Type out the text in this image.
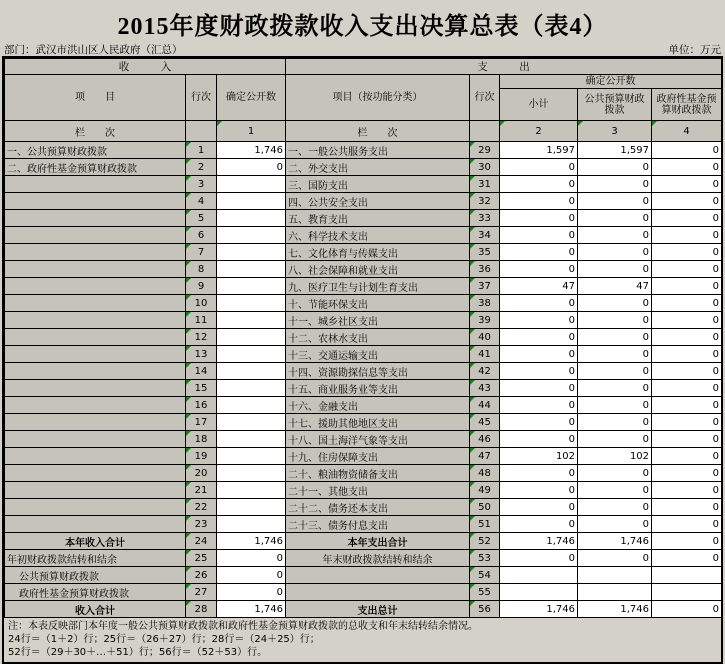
2015年度财政拨款收入支出决算总表（表4）
部门：武汉市洪山区人民政府（汇总）	单位：万元
收　　　入			支　　　出				
项　　目	行次	确定公开数	项目（按功能分类）	行次	确定公开数		
					小计	公共预算财政拨款	政府性基金预算财政拨款
栏　　次		1	栏　　次		2	3	4
一、公共预算财政拨款	1	1,746	一、一般公共服务支出	29	1,597	1,597	0
二、政府性基金预算财政拨款	2	0	二、外交支出	30	0	0	0
	3		三、国防支出	31	0	0	0
	4		四、公共安全支出	32	0	0	0
	5		五、教育支出	33	0	0	0
	6		六、科学技术支出	34	0	0	0
	7		七、文化体育与传媒支出	35	0	0	0
	8		八、社会保障和就业支出	36	0	0	0
	9		九、医疗卫生与计划生育支出	37	47	47	0
	10		十、节能环保支出	38	0	0	0
	11		十一、城乡社区支出	39	0	0	0
	12		十二、农林水支出	40	0	0	0
	13		十三、交通运输支出	41	0	0	0
	14		十四、资源勘探信息等支出	42	0	0	0
	15		十五、商业服务业等支出	43	0	0	0
	16		十六、金融支出	44	0	0	0
	17		十七、援助其他地区支出	45	0	0	0
	18		十八、国土海洋气象等支出	46	0	0	0
	19		十九、住房保障支出	47	102	102	0
	20		二十、粮油物资储备支出	48	0	0	0
	21		二十一、其他支出	49	0	0	0
	22		二十二、债务还本支出	50	0	0	0
	23		二十三、债务付息支出	51	0	0	0
本年收入合计	24	1,746	本年支出合计	52	1,746	1,746	0
年初财政拨款结转和结余	25	0	年末财政拨款结转和结余	53	0	0	0
公共预算财政拨款	26	0		54			
政府性基金预算财政拨款	27	0		55			
收入合计	28	1,746	支出总计	56	1,746	1,746	0
注：本表反映部门本年度一般公共预算财政拨款和政府性基金预算财政拨款的总收支和年末结转结余情况。
24行＝（1＋2）行；25行＝（26＋27）行；28行＝（24＋25）行；
52行＝（29＋30＋…＋51）行；56行＝（52＋53）行。
